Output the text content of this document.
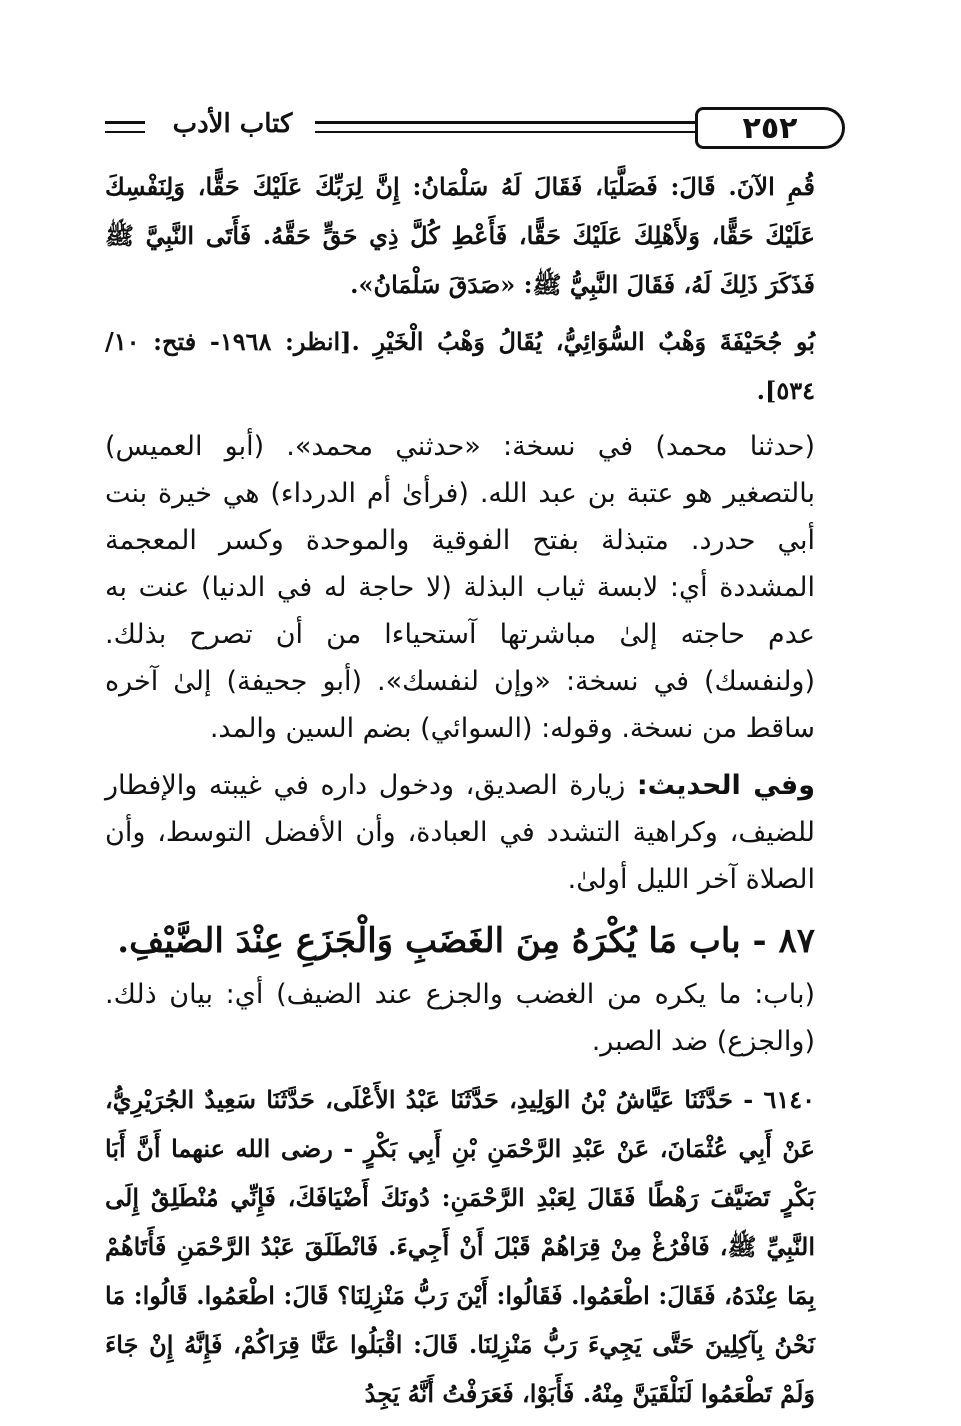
٢٥٢
كتاب الأدب

قُمِ الآنَ. قَالَ: فَصَلَّيَا، فَقَالَ لَهُ سَلْمَانُ: إِنَّ لِرَبِّكَ عَلَيْكَ حَقًّا، وَلِنَفْسِكَ عَلَيْكَ حَقًّا، وَلأَهْلِكَ عَلَيْكَ حَقًّا، فَأَعْطِ كُلَّ ذِي حَقٍّ حَقَّهُ. فَأَتَى النَّبِيَّ ﷺ فَذَكَرَ ذَلِكَ لَهُ، فَقَالَ النَّبِيُّ ﷺ: «صَدَقَ سَلْمَانُ».

بُو جُحَيْفَةَ وَهْبٌ السُّوَائِيُّ، يُقَالُ وَهْبُ الْخَيْرِ .[انظر: ١٩٦٨- فتح: ١٠/ ٥٣٤].

(حدثنا محمد) في نسخة: «حدثني محمد». (أبو العميس) بالتصغير هو عتبة بن عبد الله. (فرأىٰ أم الدرداء) هي خيرة بنت أبي حدرد. متبذلة بفتح الفوقية والموحدة وكسر المعجمة المشددة أي: لابسة ثياب البذلة (لا حاجة له في الدنيا) عنت به عدم حاجته إلىٰ مباشرتها آستحياءا من أن تصرح بذلك. (ولنفسك) في نسخة: «وإن لنفسك». (أبو جحيفة) إلىٰ آخره ساقط من نسخة. وقوله: (السوائي) بضم السين والمد.

وفي الحديث: زيارة الصديق، ودخول داره في غيبته والإفطار للضيف، وكراهية التشدد في العبادة، وأن الأفضل التوسط، وأن الصلاة آخر الليل أولىٰ.

٨٧ - باب مَا يُكْرَهُ مِنَ الغَضَبِ وَالْجَزَعِ عِنْدَ الضَّيْفِ.

(باب: ما يكره من الغضب والجزع عند الضيف) أي: بيان ذلك. (والجزع) ضد الصبر.

٦١٤٠ - حَدَّثَنَا عَيَّاشُ بْنُ الوَلِيدِ، حَدَّثَنَا عَبْدُ الأَعْلَى، حَدَّثَنَا سَعِيدٌ الجُرَيْرِيُّ، عَنْ أَبِي عُثْمَانَ، عَنْ عَبْدِ الرَّحْمَنِ بْنِ أَبِي بَكْرٍ - رضى الله عنهما أَنَّ أَبَا بَكْرٍ تَضَيَّفَ رَهْطًا فَقَالَ لِعَبْدِ الرَّحْمَنِ: دُونَكَ أَضْيَافَكَ، فَإِنِّي مُنْطَلِقٌ إِلَى النَّبِيِّ ﷺ، فَافْرُغْ مِنْ قِرَاهُمْ قَبْلَ أَنْ أَجِيءَ. فَانْطَلَقَ عَبْدُ الرَّحْمَنِ فَأَتَاهُمْ بِمَا عِنْدَهُ، فَقَالَ: اطْعَمُوا. فَقَالُوا: أَيْنَ رَبُّ مَنْزِلِنَا؟ قَالَ: اطْعَمُوا. قَالُوا: مَا نَحْنُ بِآكِلِينَ حَتَّى يَجِيءَ رَبُّ مَنْزِلِنَا. قَالَ: اقْبَلُوا عَنَّا قِرَاكُمْ، فَإِنَّهُ إِنْ جَاءَ وَلَمْ تَطْعَمُوا لَنَلْقَيَنَّ مِنْهُ. فَأَبَوْا، فَعَرَفْتُ أَنَّهُ يَجِدُ
